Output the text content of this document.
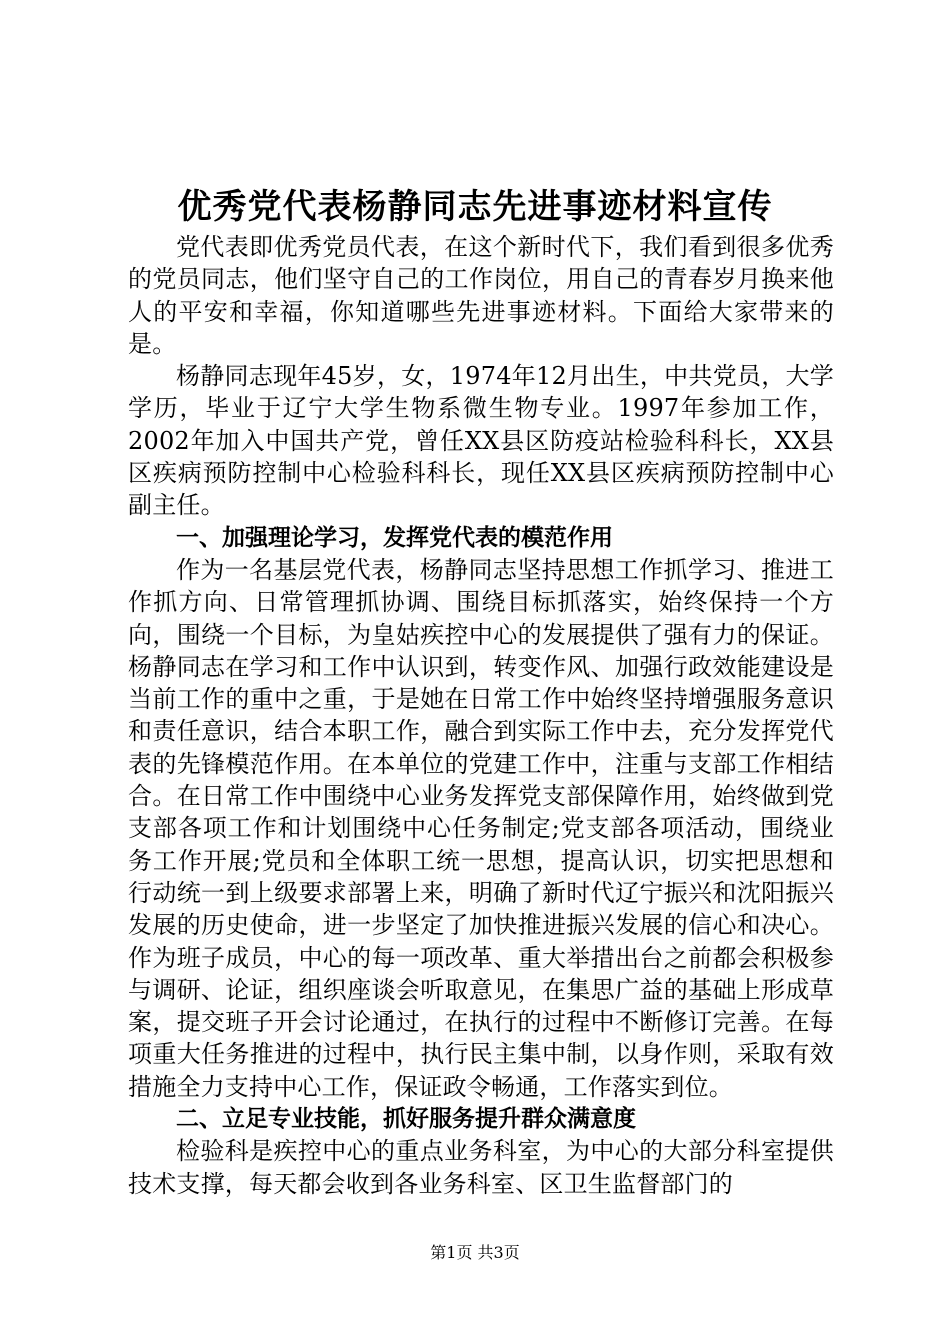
优秀党代表杨静同志先进事迹材料宣传

党代表即优秀党员代表，在这个新时代下，我们看到很多优秀的党员同志，他们坚守自己的工作岗位，用自己的青春岁月换来他人的平安和幸福，你知道哪些先进事迹材料。下面给大家带来的是。

杨静同志现年45岁，女，1974年12月出生，中共党员，大学学历，毕业于辽宁大学生物系微生物专业。1997年参加工作，2002年加入中国共产党，曾任XX县区防疫站检验科科长，XX县区疾病预防控制中心检验科科长，现任XX县区疾病预防控制中心副主任。

一、加强理论学习，发挥党代表的模范作用

作为一名基层党代表，杨静同志坚持思想工作抓学习、推进工作抓方向、日常管理抓协调、围绕目标抓落实，始终保持一个方向，围绕一个目标，为皇姑疾控中心的发展提供了强有力的保证。杨静同志在学习和工作中认识到，转变作风、加强行政效能建设是当前工作的重中之重，于是她在日常工作中始终坚持增强服务意识和责任意识，结合本职工作，融合到实际工作中去，充分发挥党代表的先锋模范作用。在本单位的党建工作中，注重与支部工作相结合。在日常工作中围绕中心业务发挥党支部保障作用，始终做到党支部各项工作和计划围绕中心任务制定;党支部各项活动，围绕业务工作开展;党员和全体职工统一思想，提高认识，切实把思想和行动统一到上级要求部署上来，明确了新时代辽宁振兴和沈阳振兴发展的历史使命，进一步坚定了加快推进振兴发展的信心和决心。作为班子成员，中心的每一项改革、重大举措出台之前都会积极参与调研、论证，组织座谈会听取意见，在集思广益的基础上形成草案，提交班子开会讨论通过，在执行的过程中不断修订完善。在每项重大任务推进的过程中，执行民主集中制，以身作则，采取有效措施全力支持中心工作，保证政令畅通，工作落实到位。

二、立足专业技能，抓好服务提升群众满意度

检验科是疾控中心的重点业务科室，为中心的大部分科室提供技术支撑，每天都会收到各业务科室、区卫生监督部门的

第1页 共3页
